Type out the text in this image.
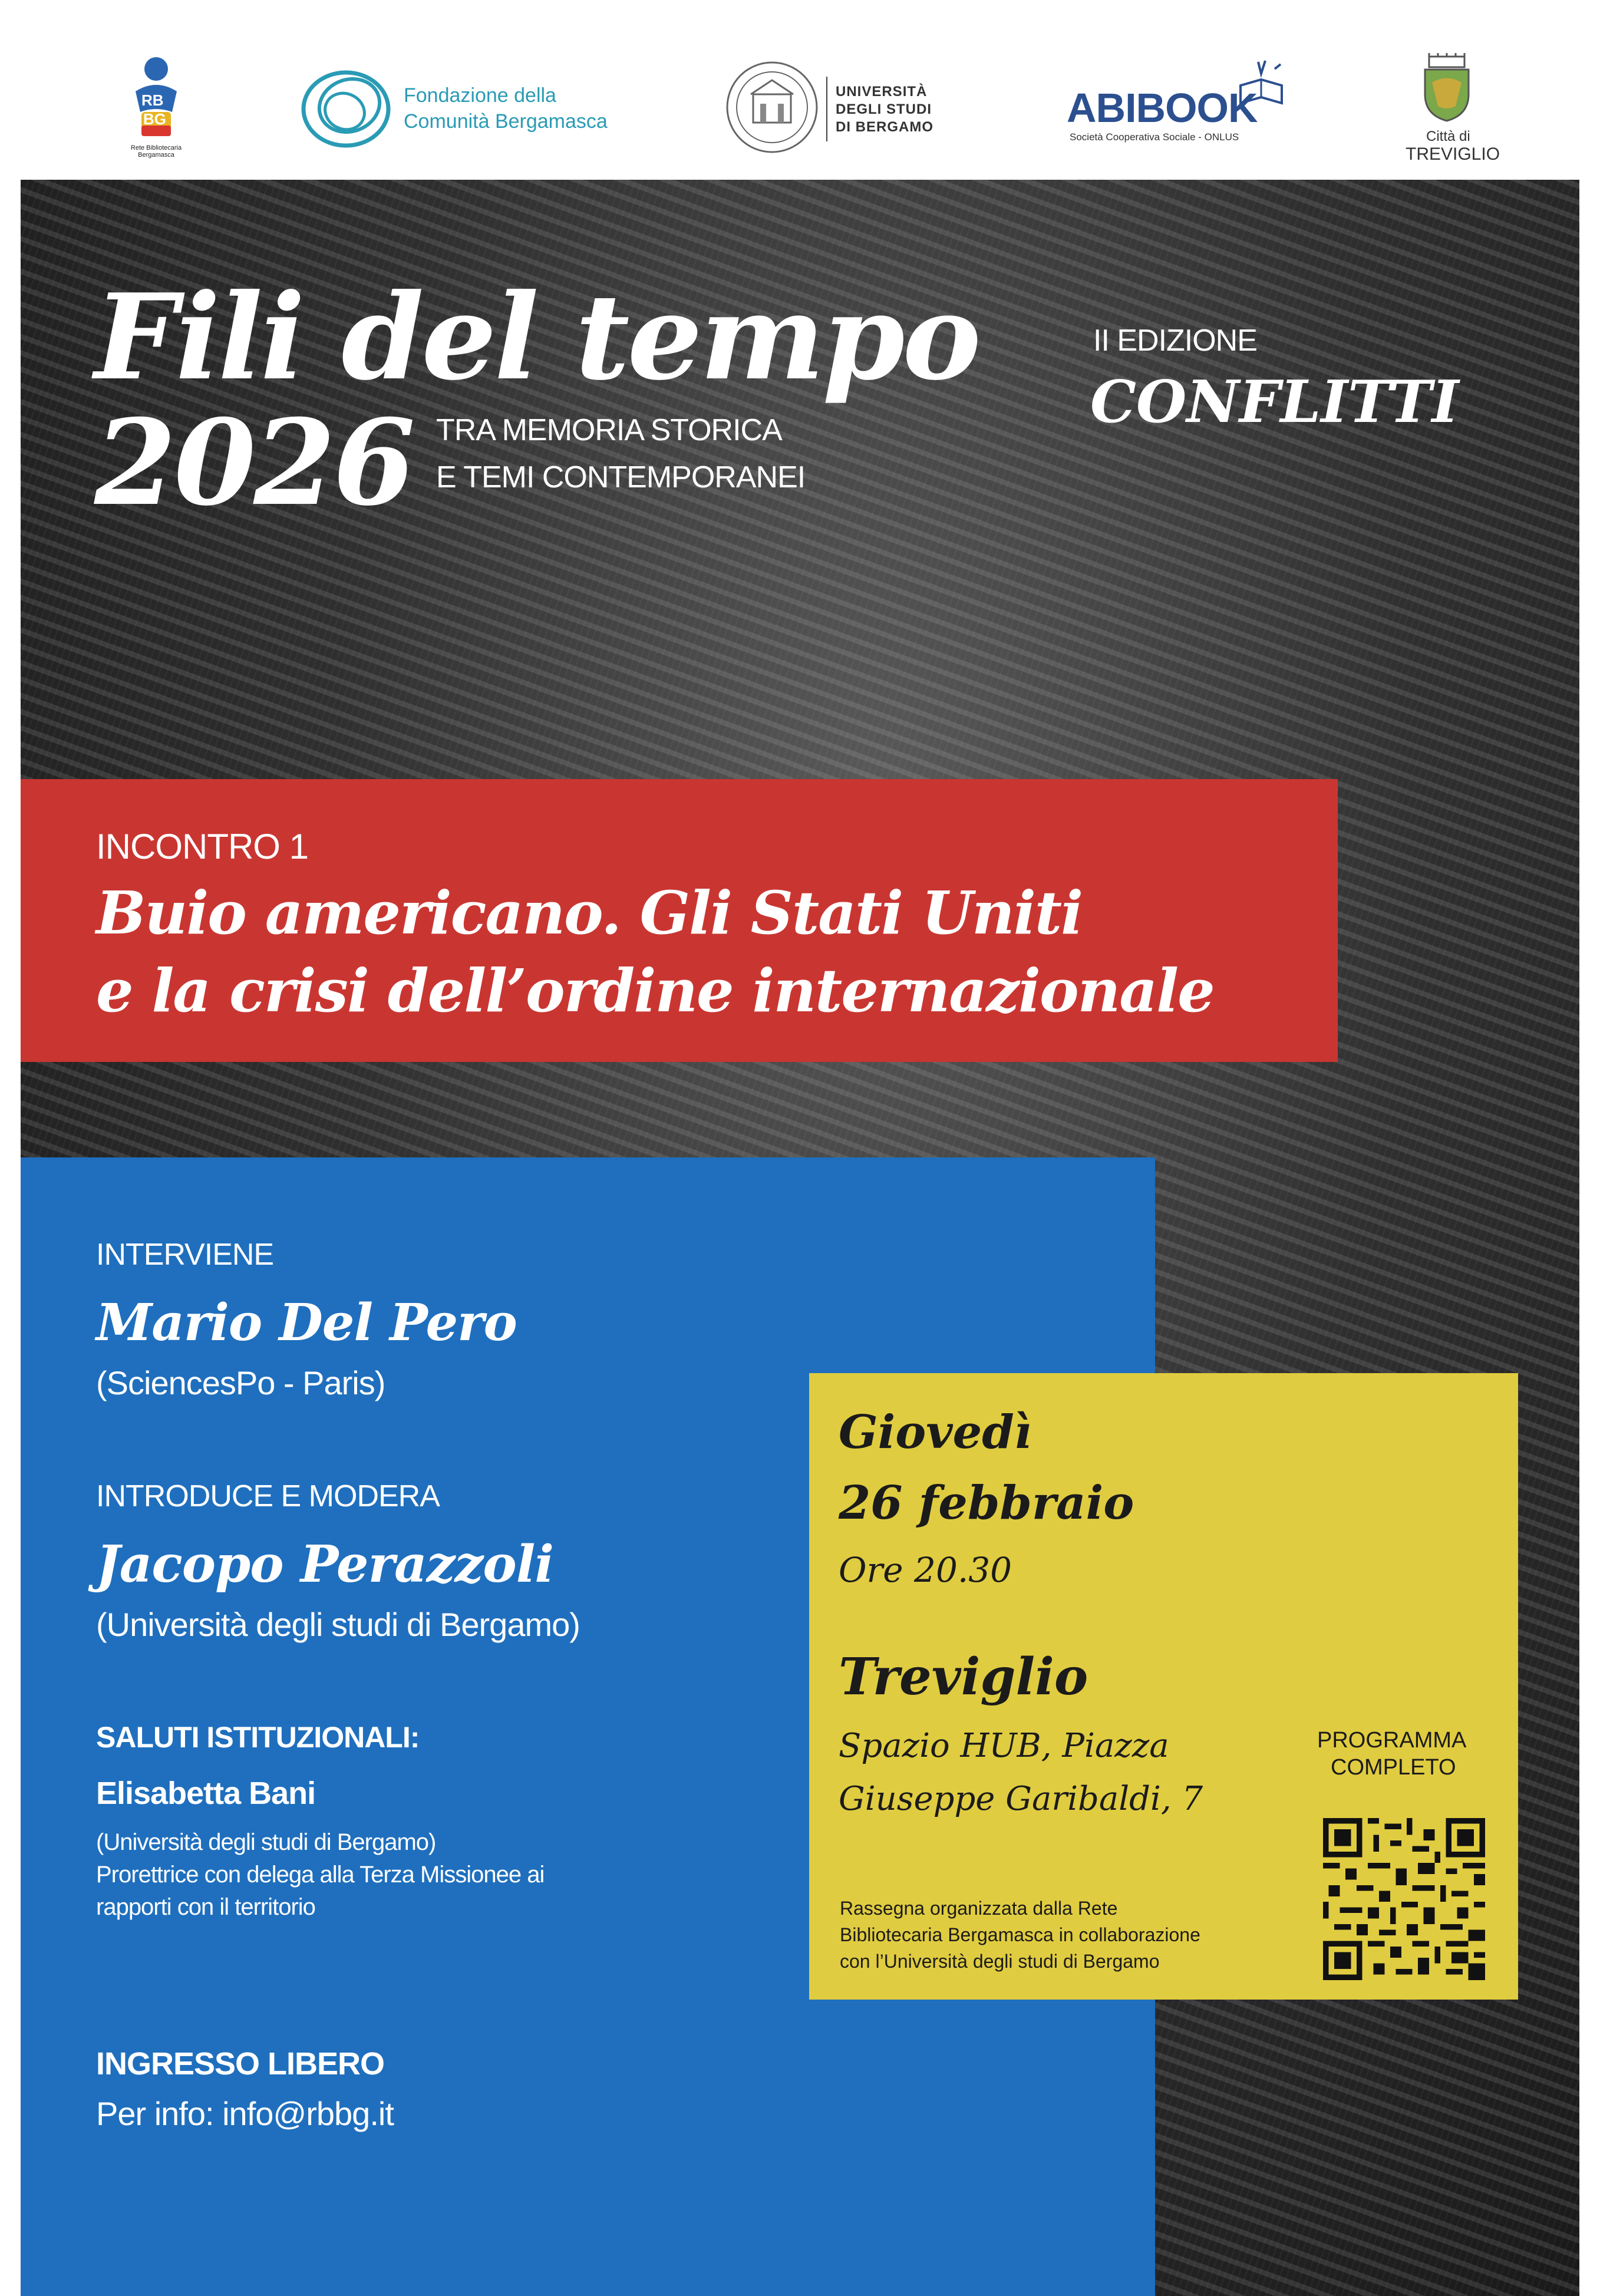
RB
BG
Rete Bibliotecaria Bergamasca
Fondazione della
Comunità Bergamasca
UNIVERSITÀ
DEGLI STUDI
DI BERGAMO	ABIBOOK
Società Cooperativa Sociale - ONLUS	Città di
TREVIGLIO
Fili del tempo
2026 TRA MEMORIA STORICA
E TEMI CONTEMPORANEI
II EDIZIONE
CONFLITTI
INCONTRO 1
Buio americano. Gli Stati Uniti
e la crisi dell’ordine internazionale
INTERVIENE
Mario Del Pero
(SciencesPo - Paris)
INTRODUCE E MODERA
Jacopo Perazzoli
(Università degli studi di Bergamo)
SALUTI ISTITUZIONALI:
Elisabetta Bani
(Università degli studi di Bergamo)
Prorettrice con delega alla Terza Missionee ai
rapporti con il territorio
INGRESSO LIBERO
Per info: info@rbbg.it
Giovedì
26 febbraio
Ore 20.30
Treviglio
Spazio HUB, Piazza
Giuseppe Garibaldi, 7
PROGRAMMA
COMPLETO
Rassegna organizzata dalla Rete
Bibliotecaria Bergamasca in collaborazione
con l’Università degli studi di Bergamo
